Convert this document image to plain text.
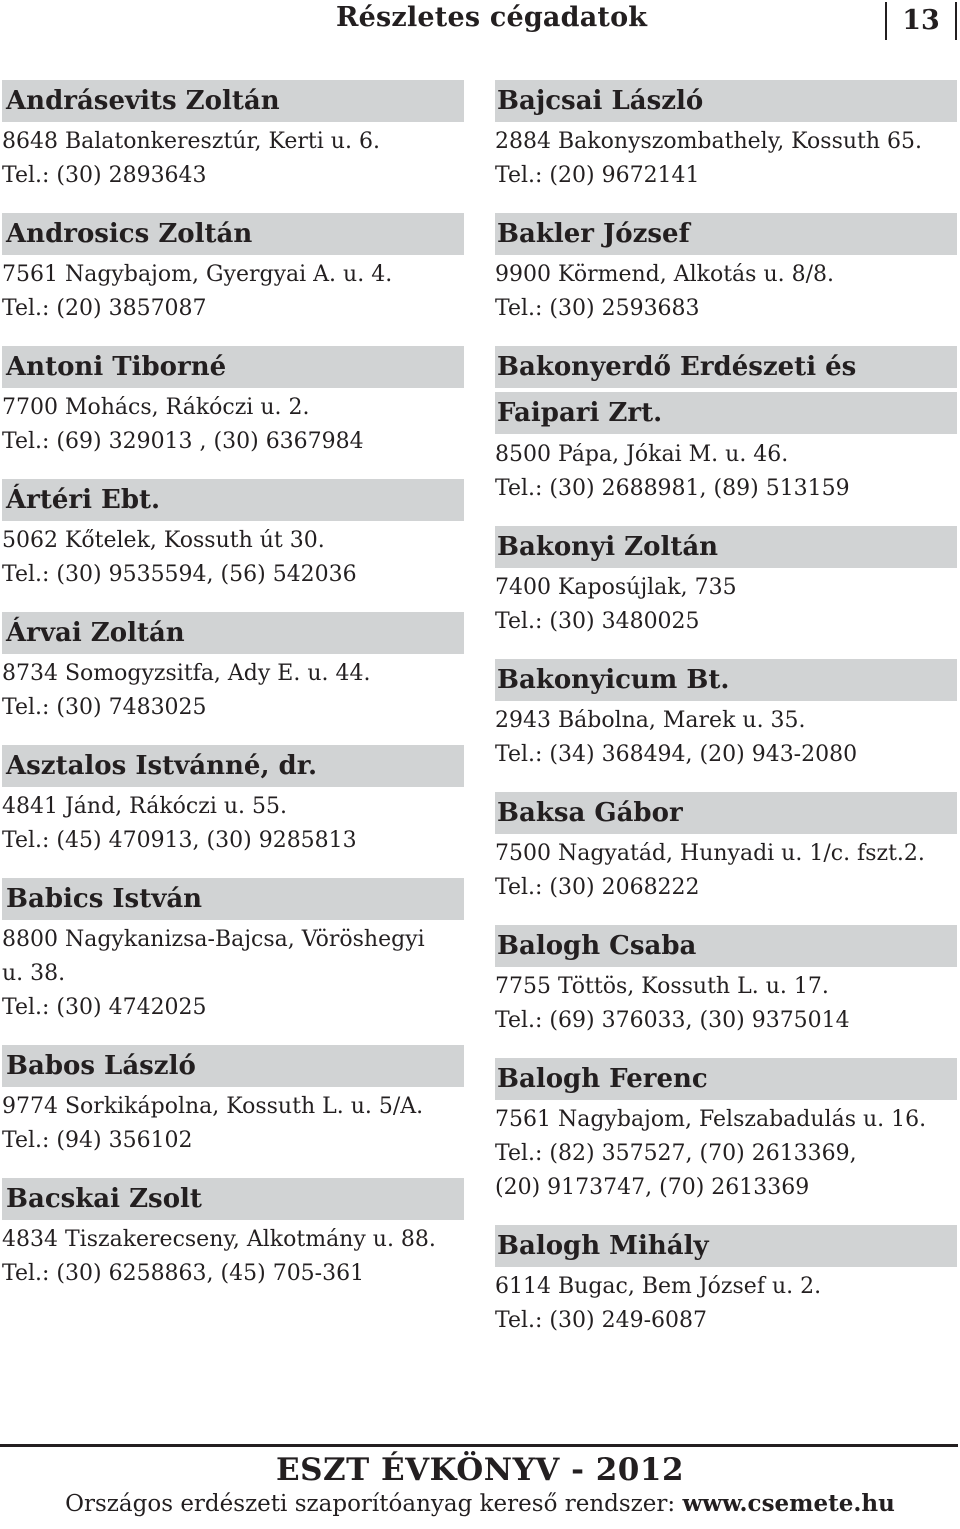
Részletes cégadatok	13
Andrásevits Zoltán
8648 Balatonkeresztúr, Kerti u. 6.
Tel.: (30) 2893643
Androsics Zoltán
7561 Nagybajom, Gyergyai A. u. 4.
Tel.: (20) 3857087
Antoni Tiborné
7700 Mohács, Rákóczi u. 2.
Tel.: (69) 329013 , (30) 6367984
Ártéri Ebt.
5062 Kőtelek, Kossuth út 30.
Tel.: (30) 9535594, (56) 542036
Árvai Zoltán
8734 Somogyzsitfa, Ady E. u. 44.
Tel.: (30) 7483025
Asztalos Istvánné, dr.
4841 Jánd, Rákóczi u. 55.
Tel.: (45) 470913, (30) 9285813
Babics István
8800 Nagykanizsa-Bajcsa, Vöröshegyi
u. 38.
Tel.: (30) 4742025
Babos László
9774 Sorkikápolna, Kossuth L. u. 5/A.
Tel.: (94) 356102
Bacskai Zsolt
4834 Tiszakerecseny, Alkotmány u. 88.
Tel.: (30) 6258863, (45) 705-361
Bajcsai László
2884 Bakonyszombathely, Kossuth 65.
Tel.: (20) 9672141
Bakler József
9900 Körmend, Alkotás u. 8/8.
Tel.: (30) 2593683
Bakonyerdő Erdészeti és
Faipari Zrt.
8500 Pápa, Jókai M. u. 46.
Tel.: (30) 2688981, (89) 513159
Bakonyi Zoltán
7400 Kaposújlak, 735
Tel.: (30) 3480025
Bakonyicum Bt.
2943 Bábolna, Marek u. 35.
Tel.: (34) 368494, (20) 943-2080
Baksa Gábor
7500 Nagyatád, Hunyadi u. 1/c. fszt.2.
Tel.: (30) 2068222
Balogh Csaba
7755 Töttös, Kossuth L. u. 17.
Tel.: (69) 376033, (30) 9375014
Balogh Ferenc
7561 Nagybajom, Felszabadulás u. 16.
Tel.: (82) 357527, (70) 2613369,
(20) 9173747, (70) 2613369
Balogh Mihály
6114 Bugac, Bem József u. 2.
Tel.: (30) 249-6087
ESZT ÉVKÖNYV - 2012
Országos erdészeti szaporítóanyag kereső rendszer: www.csemete.hu
